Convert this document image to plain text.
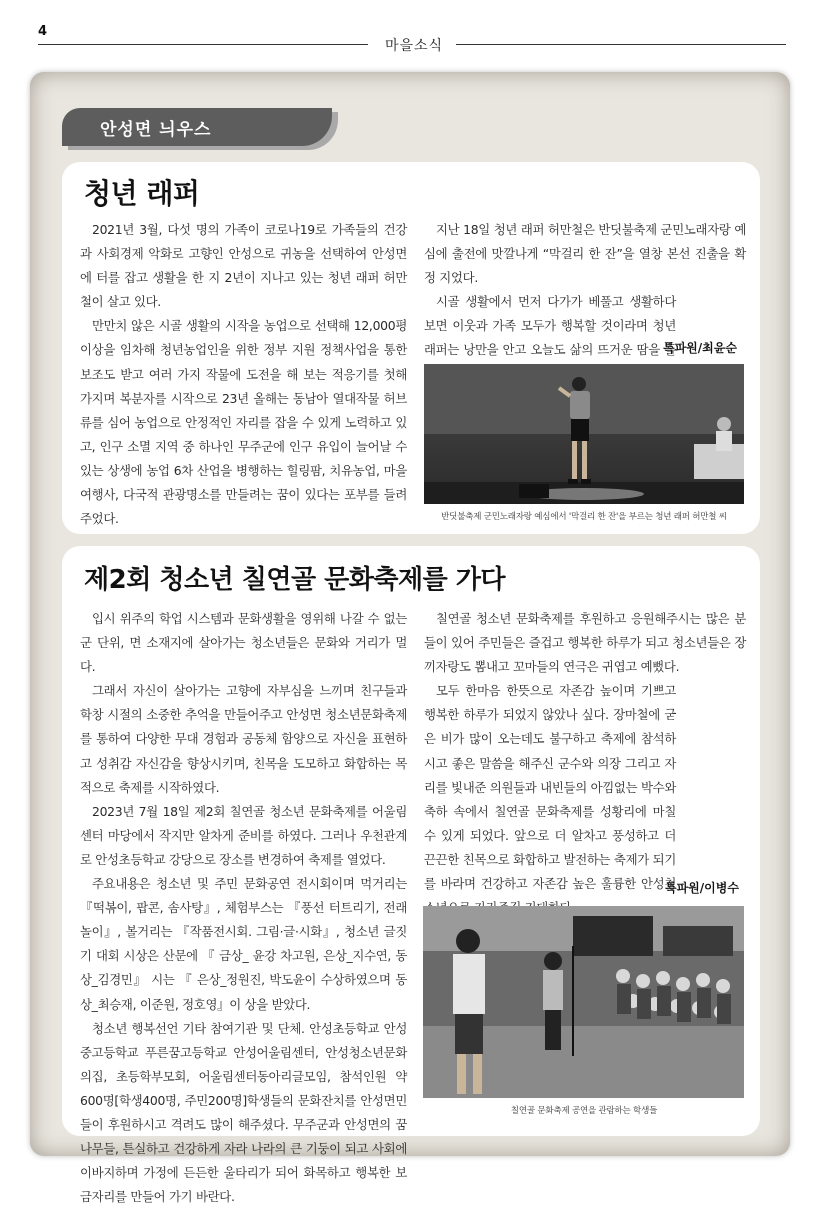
4
마을소식
안성면 늬우스
청년 래퍼

2021년 3월, 다섯 명의 가족이 코로나19로 가족들의 건강과 사회경제 악화로 고향인 안성으로 귀농을 선택하여 안성면에 터를 잡고 생활을 한 지 2년이 지나고 있는 청년 래퍼 허만철이 살고 있다.

만만치 않은 시골 생활의 시작을 농업으로 선택해 12,000평 이상을 임차해 청년농업인을 위한 정부 지원 정책사업을 통한 보조도 받고 여러 가지 작물에 도전을 해 보는 적응기를 첫해 가지며 복분자를 시작으로 23년 올해는 동남아 열대작물 허브류를 심어 농업으로 안정적인 자리를 잡을 수 있게 노력하고 있고, 인구 소멸 지역 중 하나인 무주군에 인구 유입이 늘어날 수 있는 상생에 농업 6차 산업을 병행하는 힐링팜, 치유농업, 마을 여행사, 다국적 관광명소를 만들려는 꿈이 있다는 포부를 들려주었다.

지난 18일 청년 래퍼 허만철은 반딧불축제 군민노래자랑 예심에 출전에 맛깔나게 “막걸리 한 잔”을 열창 본선 진출을 확정 지었다.

시골 생활에서 먼저 다가가 베풀고 생활하다 보면 이웃과 가족 모두가 행복할 것이라며 청년 래퍼는 낭만을 안고 오늘도 삶의 뜨거운 땀을 흘

특파원/최윤순
반딧불축제 군민노래자랑 예심에서 '막걸리 한 잔'을 부르는 청년 래퍼 허만철 씨
제2회 청소년 칠연골 문화축제를 가다

입시 위주의 학업 시스템과 문화생활을 영위해 나갈 수 없는 군 단위, 면 소재지에 살아가는 청소년들은 문화와 거리가 멀다.

그래서 자신이 살아가는 고향에 자부심을 느끼며 친구들과 학창 시절의 소중한 추억을 만들어주고 안성면 청소년문화축제를 통하여 다양한 무대 경험과 공동체 함양으로 자신을 표현하고 성취감 자신감을 향상시키며, 친목을 도모하고 화합하는 목적으로 축제를 시작하였다.

2023년 7월 18일 제2회 칠연골 청소년 문화축제를 어울림센터 마당에서 작지만 알차게 준비를 하였다. 그러나 우천관계로 안성초등학교 강당으로 장소를 변경하여 축제를 열었다.

주요내용은 청소년 및 주민 문화공연 전시회이며 먹거리는 『떡볶이, 팝콘, 솜사탕』, 체험부스는 『풍선 터트리기, 전래놀이』, 볼거리는 『작품전시회. 그림·글·시화』, 청소년 글짓기 대회 시상은 산문에 『 금상_ 윤강 차고원, 은상_지수연, 동상_김경민』 시는 『 은상_정원진, 박도윤이 수상하였으며 동상_최승재, 이준원, 정호영』이 상을 받았다.

청소년 행복선언 기타 참여기관 및 단체. 안성초등학교 안성중고등학교 푸른꿈고등학교 안성어울림센터, 안성청소년문화의집, 초등학부모회, 어울림센터동아리글모임, 참석인원 약600명[학생400명, 주민200명]학생들의 문화잔치를 안성면민들이 후원하시고 격려도 많이 해주셨다. 무주군과 안성면의 꿈나무들, 튼실하고 건강하게 자라 나라의 큰 기둥이 되고 사회에 이바지하며 가정에 든든한 울타리가 되어 화목하고 행복한 보금자리를 만들어 가기 바란다.

칠연골 청소년 문화축제를 후원하고 응원해주시는 많은 분들이 있어 주민들은 즐겁고 행복한 하루가 되고 청소년들은 장끼자랑도 뽐내고 꼬마들의 연극은 귀엽고 예뻤다.

모두 한마음 한뜻으로 자존감 높이며 기쁘고 행복한 하루가 되었지 않았나 싶다. 장마철에 굳은 비가 많이 오는데도 불구하고 축제에 참석하시고 좋은 말씀을 해주신 군수와 의장 그리고 자리를 빛내준 의원들과 내빈들의 아낌없는 박수와 축하 속에서 칠연골 문화축제를 성황리에 마칠 수 있게 되었다. 앞으로 더 알차고 풍성하고 더 끈끈한 친목으로 화합하고 발전하는 축제가 되기를 바라며 건강하고 자존감 높은 훌륭한 안성청

특파원/이병수
칠연골 문화축제 공연을 관람하는 학생들
